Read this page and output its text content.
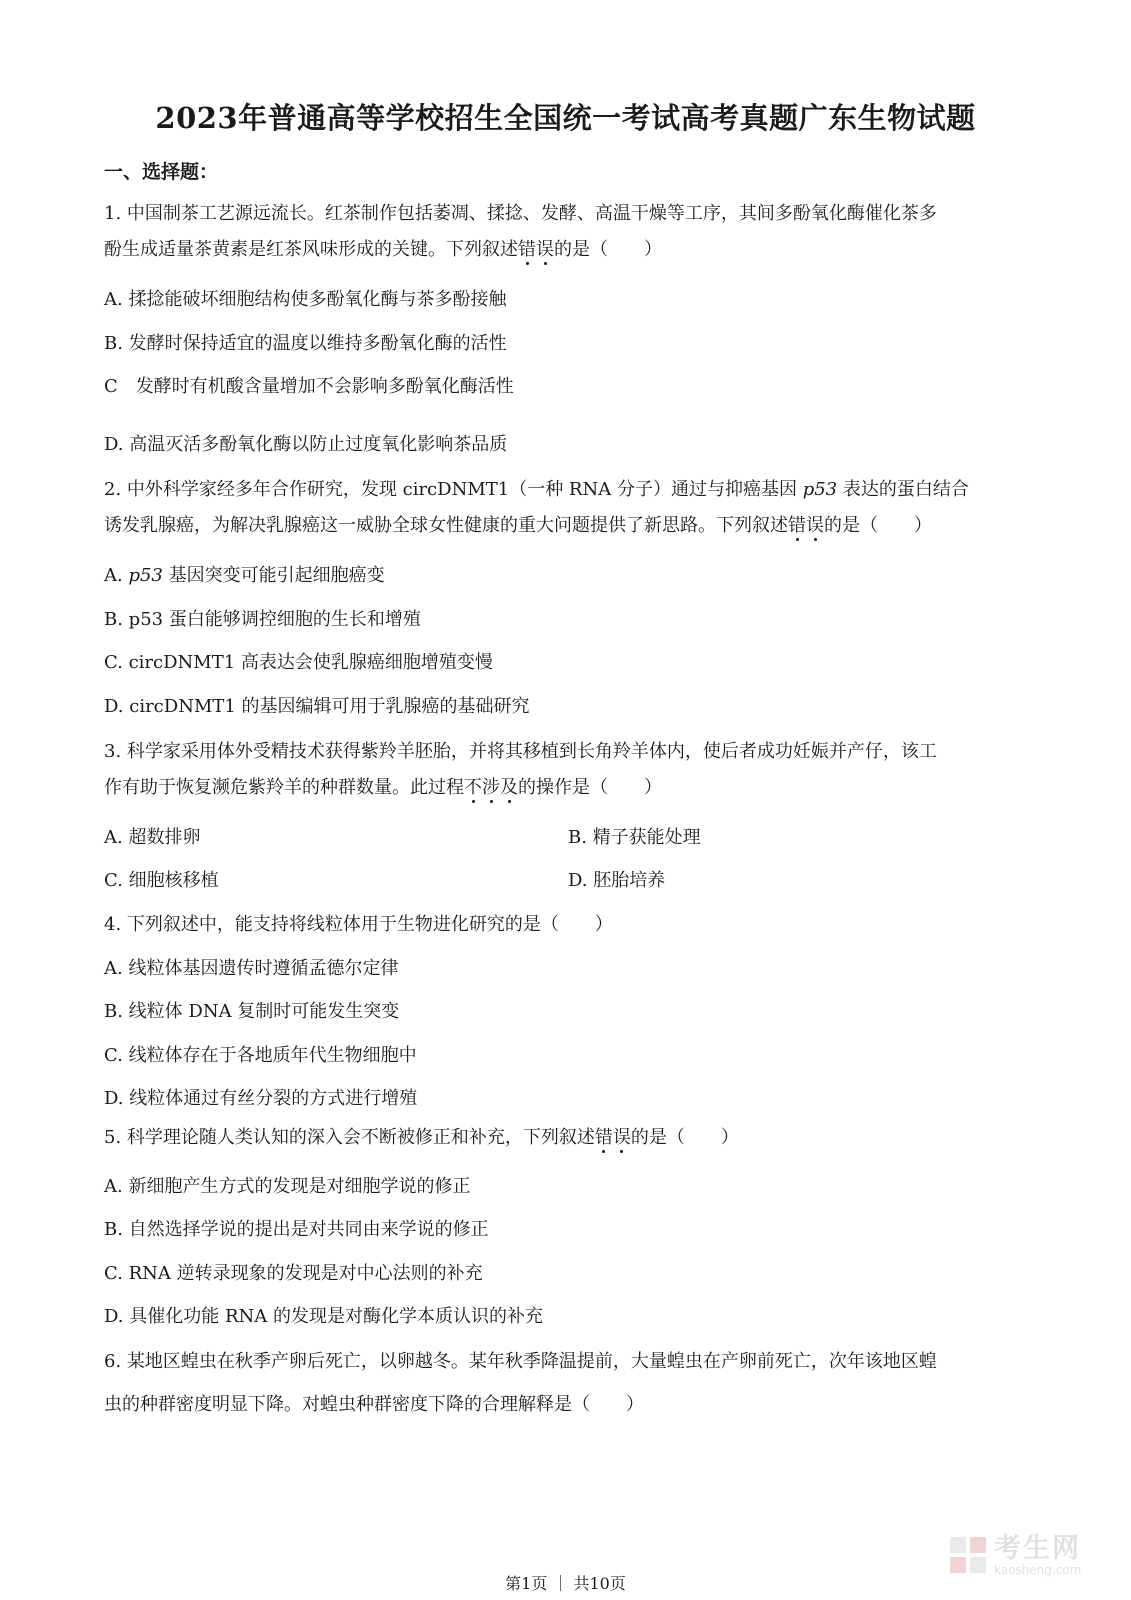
2023年普通高等学校招生全国统一考试高考真题广东生物试题
一、选择题：
1. 中国制茶工艺源远流长。红茶制作包括萎凋、揉捻、发酵、高温干燥等工序，其间多酚氧化酶催化茶多
酚生成适量茶黄素是红茶风味形成的关键。下列叙述错误的是（　　）
A. 揉捻能破坏细胞结构使多酚氧化酶与茶多酚接触
B. 发酵时保持适宜的温度以维持多酚氧化酶的活性
C　发酵时有机酸含量增加不会影响多酚氧化酶活性
D. 高温灭活多酚氧化酶以防止过度氧化影响茶品质
2. 中外科学家经多年合作研究，发现 circDNMT1（一种 RNA 分子）通过与抑癌基因 p53 表达的蛋白结合
诱发乳腺癌，为解决乳腺癌这一威胁全球女性健康的重大问题提供了新思路。下列叙述错误的是（　　）
A. p53 基因突变可能引起细胞癌变
B. p53 蛋白能够调控细胞的生长和增殖
C. circDNMT1 高表达会使乳腺癌细胞增殖变慢
D. circDNMT1 的基因编辑可用于乳腺癌的基础研究
3. 科学家采用体外受精技术获得紫羚羊胚胎，并将其移植到长角羚羊体内，使后者成功妊娠并产仔，该工
作有助于恢复濒危紫羚羊的种群数量。此过程不涉及的操作是（　　）
A. 超数排卵	B. 精子获能处理
C. 细胞核移植	D. 胚胎培养
4. 下列叙述中，能支持将线粒体用于生物进化研究的是（　　）
A. 线粒体基因遗传时遵循孟德尔定律
B. 线粒体 DNA 复制时可能发生突变
C. 线粒体存在于各地质年代生物细胞中
D. 线粒体通过有丝分裂的方式进行增殖
5. 科学理论随人类认知的深入会不断被修正和补充，下列叙述错误的是（　　）
A. 新细胞产生方式的发现是对细胞学说的修正
B. 自然选择学说的提出是对共同由来学说的修正
C. RNA 逆转录现象的发现是对中心法则的补充
D. 具催化功能 RNA 的发现是对酶化学本质认识的补充
6. 某地区蝗虫在秋季产卵后死亡，以卵越冬。某年秋季降温提前，大量蝗虫在产卵前死亡，次年该地区蝗
虫的种群密度明显下降。对蝗虫种群密度下降的合理解释是（　　）
考生网
kaosheng.com
第1页 ｜ 共10页
